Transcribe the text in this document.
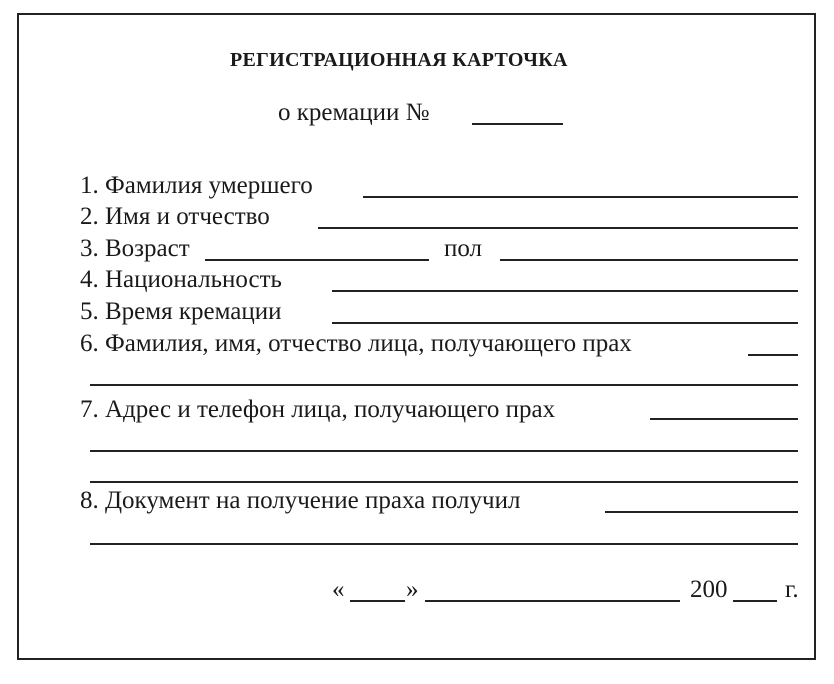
РЕГИСТРАЦИОННАЯ КАРТОЧКА
о кремации №
1. Фамилия умершего
2. Имя и отчество
3. Возраст	пол
4. Национальность
5. Время кремации
6. Фамилия, имя, отчество лица, получающего прах
7. Адрес и телефон лица, получающего прах
8. Документ на получение праха получил
« »	200 г.
